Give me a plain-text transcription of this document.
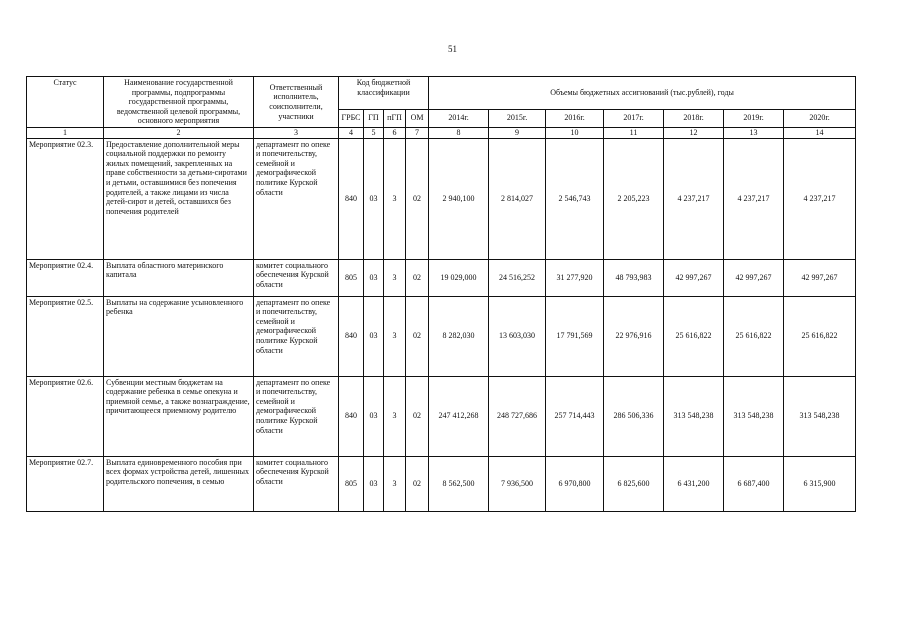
51
Статус	Наименование государственной программы, подпрограммы государственной программы, ведомственной целевой программы, основного мероприятия	Ответственный исполнитель, соисполнители, участники	Код бюджетной классификации				Объемы бюджетных ассигнований (тыс.рублей), годы						
			ГРБС	ГП	пГП	ОМ	2014г.	2015г.	2016г.	2017г.	2018г.	2019г.	2020г.
1	2	3	4	5	6	7	8	9	10	11	12	13	14
Мероприятие 02.3.	Предоставление дополнительной меры социальной поддержки по ремонту жилых помещений, закрепленных на праве собственности за детьми-сиротами и детьми, оставшимися без попечения родителей, а также лицами из числа детей-сирот и детей, оставшихся без попечения родителей	департамент по опеке и попечительству, семейной и демографической политике Курской области	840	03	3	02	2 940,100	2 814,027	2 546,743	2 205,223	4 237,217	4 237,217	4 237,217
Мероприятие 02.4.	Выплата областного материнского капитала	комитет социального обеспечения Курской области	805	03	3	02	19 029,000	24 516,252	31 277,920	48 793,983	42 997,267	42 997,267	42 997,267
Мероприятие 02.5.	Выплаты на содержание усыновленного ребенка	департамент по опеке и попечительству, семейной и демографической политике Курской области	840	03	3	02	8 282,030	13 603,030	17 791,569	22 976,916	25 616,822	25 616,822	25 616,822
Мероприятие 02.6.	Субвенции местным бюджетам на содержание ребенка в семье опекуна и приемной семье, а также вознаграждение, причитающееся приемному родителю	департамент по опеке и попечительству, семейной и демографической политике Курской области	840	03	3	02	247 412,268	248 727,686	257 714,443	286 506,336	313 548,238	313 548,238	313 548,238
Мероприятие 02.7.	Выплата единовременного пособия при всех формах устройства детей, лишенных родительского попечения, в семью	комитет социального обеспечения Курской области	805	03	3	02	8 562,500	7 936,500	6 970,800	6 825,600	6 431,200	6 687,400	6 315,900
